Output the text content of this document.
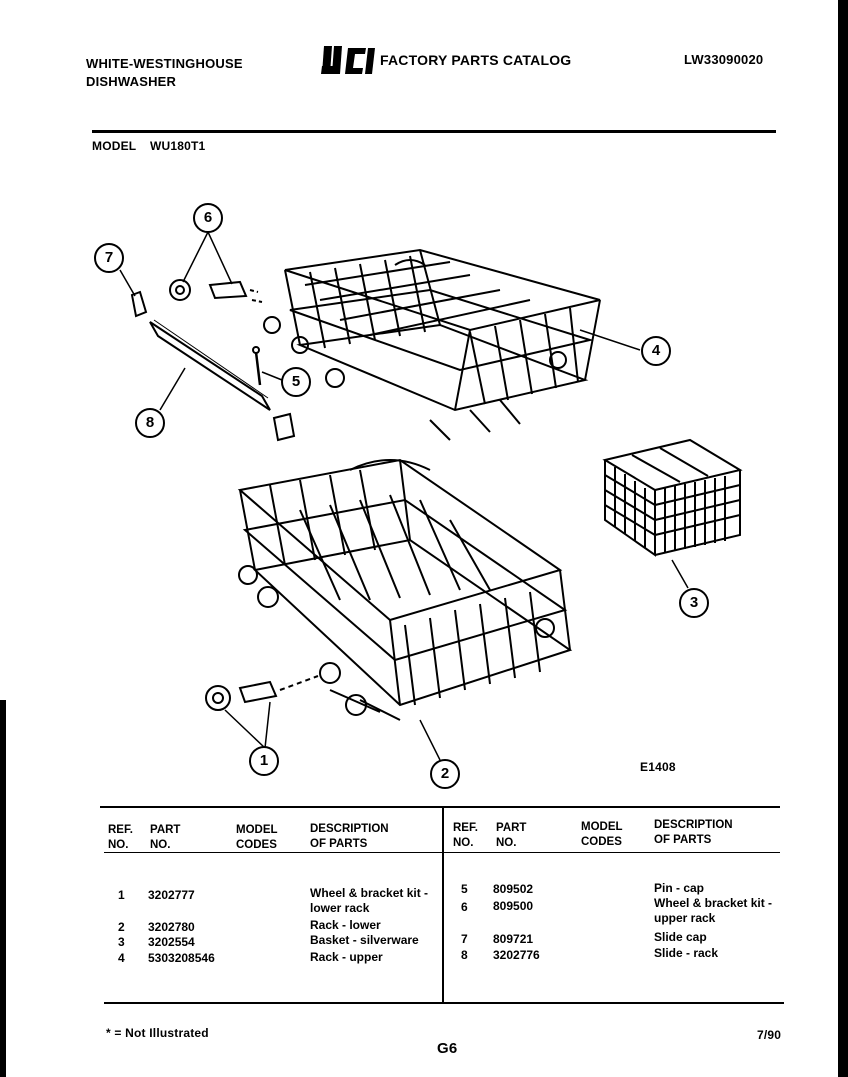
WHITE-WESTINGHOUSE
DISHWASHER
FACTORY PARTS CATALOG	LW33090020
MODEL WU180T1
6
7
4
5
8
3
1
2	E1408
REF.
NO.
PART
NO.
MODEL
CODES
DESCRIPTION
OF PARTS
REF.
NO.
PART
NO.
MODEL
CODES
DESCRIPTION
OF PARTS
1 3202777	Wheel & bracket kit -
lower rack
2 3202780	Rack - lower
3 3202554	Basket - silverware
4 5303208546	Rack - upper
5 809502	Pin - cap
6 809500	Wheel & bracket kit -
upper rack
7 809721	Slide cap
8 3202776	Slide - rack
* = Not Illustrated
G6
7/90
